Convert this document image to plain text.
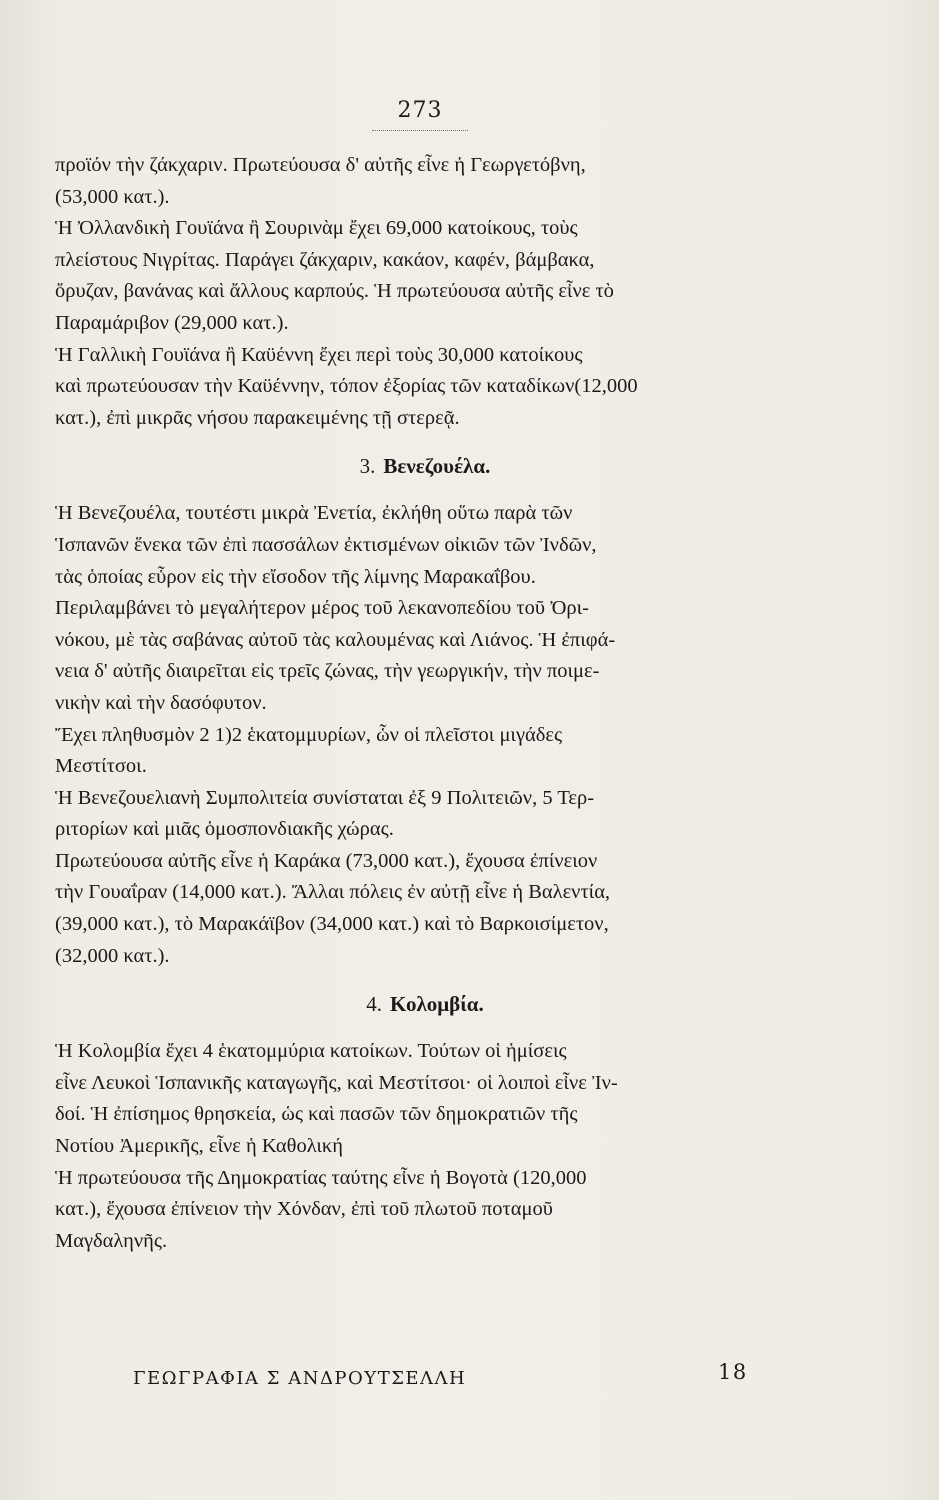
273
προϊόν τὴν ζάκχαριν. Πρωτεύουσα δ' αὐτῆς εἶνε ἡ Γεωργετόβνη,
(53,000 κατ.).
Ἡ Ὀλλανδικὴ Γουϊάνα ἢ Σουρινὰμ ἔχει 69,000 κατοίκους, τοὺς
πλείστους Νιγρίτας. Παράγει ζάκχαριν, κακάον, καφέν, βάμβακα,
ὄρυζαν, βανάνας καὶ ἄλλους καρπούς. Ἡ πρωτεύουσα αὐτῆς εἶνε τὸ
Παραμάριβον (29,000 κατ.).
Ἡ Γαλλικὴ Γουϊάνα ἢ Καϋέννη ἔχει περὶ τοὺς 30,000 κατοίκους
καὶ πρωτεύουσαν τὴν Καϋέννην, τόπον ἐξορίας τῶν καταδίκων(12,000
κατ.), ἐπὶ μικρᾶς νήσου παρακειμένης τῇ στερεᾷ.
3. Βενεζουέλα.
Ἡ Βενεζουέλα, τουτέστι μικρὰ Ἐνετία, ἐκλήθη οὕτω παρὰ τῶν
Ἱσπανῶν ἕνεκα τῶν ἐπὶ πασσάλων ἐκτισμένων οἰκιῶν τῶν Ἰνδῶν,
τὰς ὁποίας εὗρον εἰς τὴν εἴσοδον τῆς λίμνης Μαρακαΐβου.
Περιλαμβάνει τὸ μεγαλήτερον μέρος τοῦ λεκανοπεδίου τοῦ Ὀρι-
νόκου, μὲ τὰς σαβάνας αὐτοῦ τὰς καλουμένας καὶ Λιάνος. Ἡ ἐπιφά-
νεια δ' αὐτῆς διαιρεῖται εἰς τρεῖς ζώνας, τὴν γεωργικήν, τὴν ποιμε-
νικὴν καὶ τὴν δασόφυτον.
Ἔχει πληθυσμὸν 2 1)2 ἑκατομμυρίων, ὧν οἱ πλεῖστοι μιγάδες
Μεστίτσοι.
Ἡ Βενεζουελιανὴ Συμπολιτεία συνίσταται ἐξ 9 Πολιτειῶν, 5 Τερ-
ριτορίων καὶ μιᾶς ὁμοσπονδιακῆς χώρας.
Πρωτεύουσα αὐτῆς εἶνε ἡ Καράκα (73,000 κατ.), ἔχουσα ἐπίνειον
τὴν Γουαΐραν (14,000 κατ.). Ἄλλαι πόλεις ἐν αὐτῇ εἶνε ἡ Βαλεντία,
(39,000 κατ.), τὸ Μαρακάϊβον (34,000 κατ.) καὶ τὸ Βαρκοισίμετον,
(32,000 κατ.).
4. Κολομβία.
Ἡ Κολομβία ἔχει 4 ἑκατομμύρια κατοίκων. Τούτων οἱ ἡμίσεις
εἶνε Λευκοὶ Ἱσπανικῆς καταγωγῆς, καὶ Μεστίτσοι· οἱ λοιποὶ εἶνε Ἰν-
δοί. Ἡ ἐπίσημος θρησκεία, ὡς καὶ πασῶν τῶν δημοκρατιῶν τῆς
Νοτίου Ἀμερικῆς, εἶνε ἡ Καθολική
Ἡ πρωτεύουσα τῆς Δημοκρατίας ταύτης εἶνε ἡ Βογοτὰ (120,000
κατ.), ἔχουσα ἐπίνειον τὴν Χόνδαν, ἐπὶ τοῦ πλωτοῦ ποταμοῦ
Μαγδαληνῆς.
ΓΕΩΓΡΑΦΙΑ Σ ΑΝΔΡΟΥΤΣΕΛΛΗ	18
